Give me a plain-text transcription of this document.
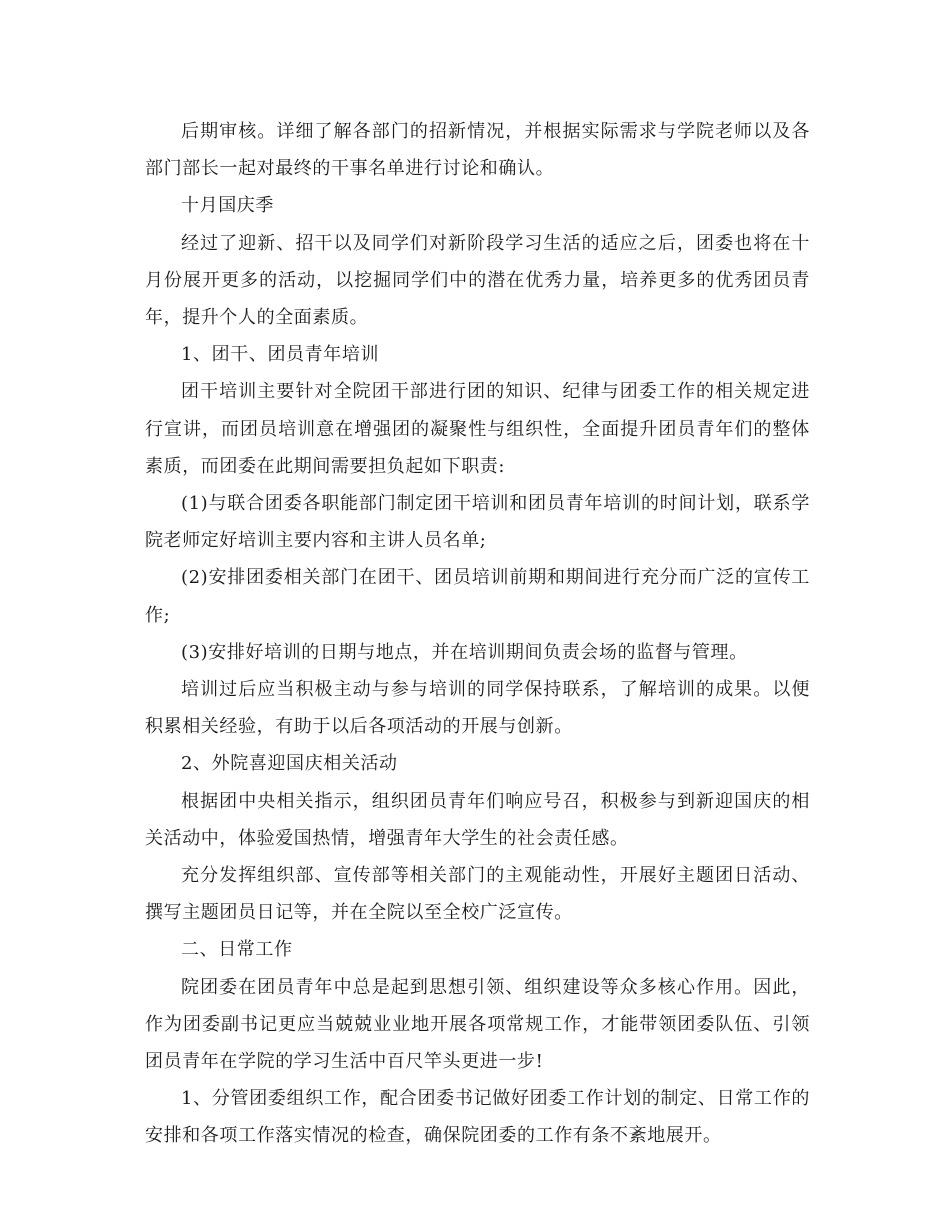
后期审核。详细了解各部门的招新情况，并根据实际需求与学院老师以及各部门部长一起对最终的干事名单进行讨论和确认。

十月国庆季

经过了迎新、招干以及同学们对新阶段学习生活的适应之后，团委也将在十月份展开更多的活动，以挖掘同学们中的潜在优秀力量，培养更多的优秀团员青年，提升个人的全面素质。

1、团干、团员青年培训

团干培训主要针对全院团干部进行团的知识、纪律与团委工作的相关规定进行宣讲，而团员培训意在增强团的凝聚性与组织性，全面提升团员青年们的整体素质，而团委在此期间需要担负起如下职责:

(1)与联合团委各职能部门制定团干培训和团员青年培训的时间计划，联系学院老师定好培训主要内容和主讲人员名单;

(2)安排团委相关部门在团干、团员培训前期和期间进行充分而广泛的宣传工作;

(3)安排好培训的日期与地点，并在培训期间负责会场的监督与管理。

培训过后应当积极主动与参与培训的同学保持联系，了解培训的成果。以便积累相关经验，有助于以后各项活动的开展与创新。

2、外院喜迎国庆相关活动

根据团中央相关指示，组织团员青年们响应号召，积极参与到新迎国庆的相关活动中，体验爱国热情，增强青年大学生的社会责任感。

充分发挥组织部、宣传部等相关部门的主观能动性，开展好主题团日活动、撰写主题团员日记等，并在全院以至全校广泛宣传。

二、日常工作

院团委在团员青年中总是起到思想引领、组织建设等众多核心作用。因此，作为团委副书记更应当兢兢业业地开展各项常规工作，才能带领团委队伍、引领团员青年在学院的学习生活中百尺竿头更进一步!

1、分管团委组织工作，配合团委书记做好团委工作计划的制定、日常工作的安排和各项工作落实情况的检查，确保院团委的工作有条不紊地展开。
